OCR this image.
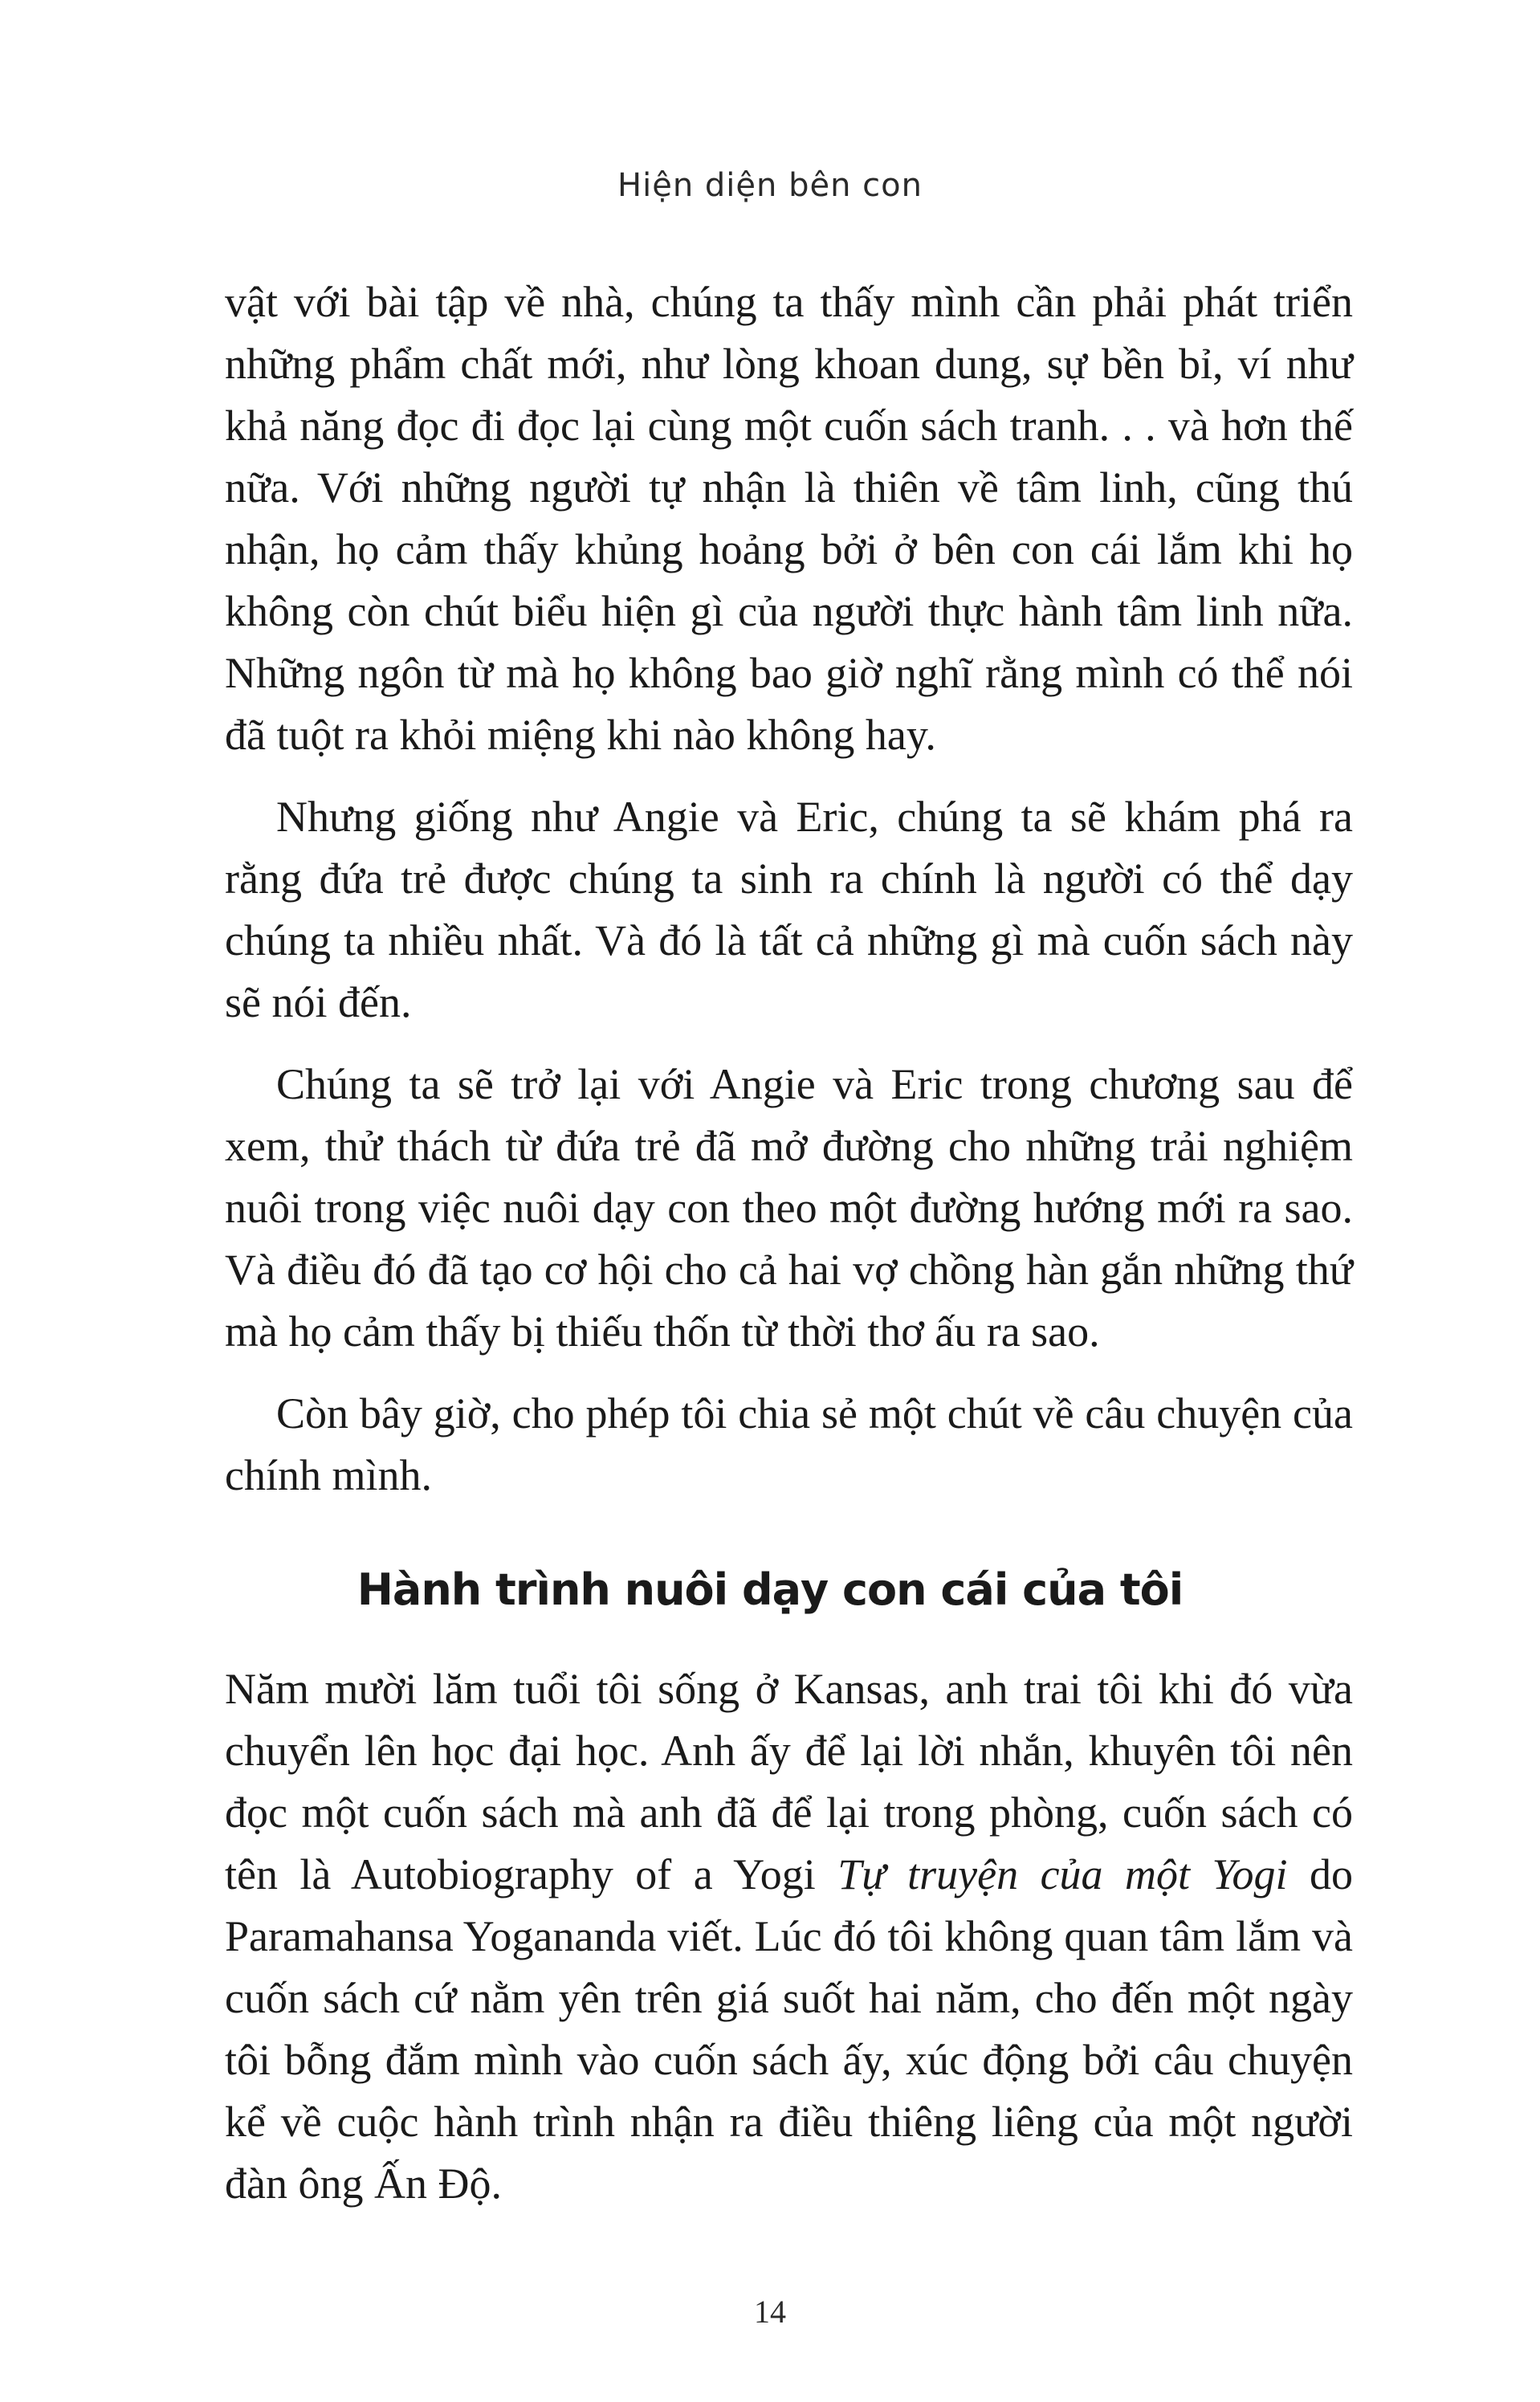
Hiện diện bên con

vật với bài tập về nhà, chúng ta thấy mình cần phải phát triển những phẩm chất mới, như lòng khoan dung, sự bền bỉ, ví như khả năng đọc đi đọc lại cùng một cuốn sách tranh. . . và hơn thế nữa. Với những người tự nhận là thiên về tâm linh, cũng thú nhận, họ cảm thấy khủng hoảng bởi ở bên con cái lắm khi họ không còn chút biểu hiện gì của người thực hành tâm linh nữa. Những ngôn từ mà họ không bao giờ nghĩ rằng mình có thể nói đã tuột ra khỏi miệng khi nào không hay.

Nhưng giống như Angie và Eric, chúng ta sẽ khám phá ra rằng đứa trẻ được chúng ta sinh ra chính là người có thể dạy chúng ta nhiều nhất. Và đó là tất cả những gì mà cuốn sách này sẽ nói đến.

Chúng ta sẽ trở lại với Angie và Eric trong chương sau để xem, thử thách từ đứa trẻ đã mở đường cho những trải nghiệm nuôi trong việc nuôi dạy con theo một đường hướng mới ra sao. Và điều đó đã tạo cơ hội cho cả hai vợ chồng hàn gắn những thứ mà họ cảm thấy bị thiếu thốn từ thời thơ ấu ra sao.

Còn bây giờ, cho phép tôi chia sẻ một chút về câu chuyện của chính mình.

Hành trình nuôi dạy con cái của tôi

Năm mười lăm tuổi tôi sống ở Kansas, anh trai tôi khi đó vừa chuyển lên học đại học. Anh ấy để lại lời nhắn, khuyên tôi nên đọc một cuốn sách mà anh đã để lại trong phòng, cuốn sách có tên là Autobiography of a Yogi Tự truyện của một Yogi do Paramahansa Yogananda viết. Lúc đó tôi không quan tâm lắm và cuốn sách cứ nằm yên trên giá suốt hai năm, cho đến một ngày tôi bỗng đắm mình vào cuốn sách ấy, xúc động bởi câu chuyện kể về cuộc hành trình nhận ra điều thiêng liêng của một người đàn ông Ấn Độ.

14
